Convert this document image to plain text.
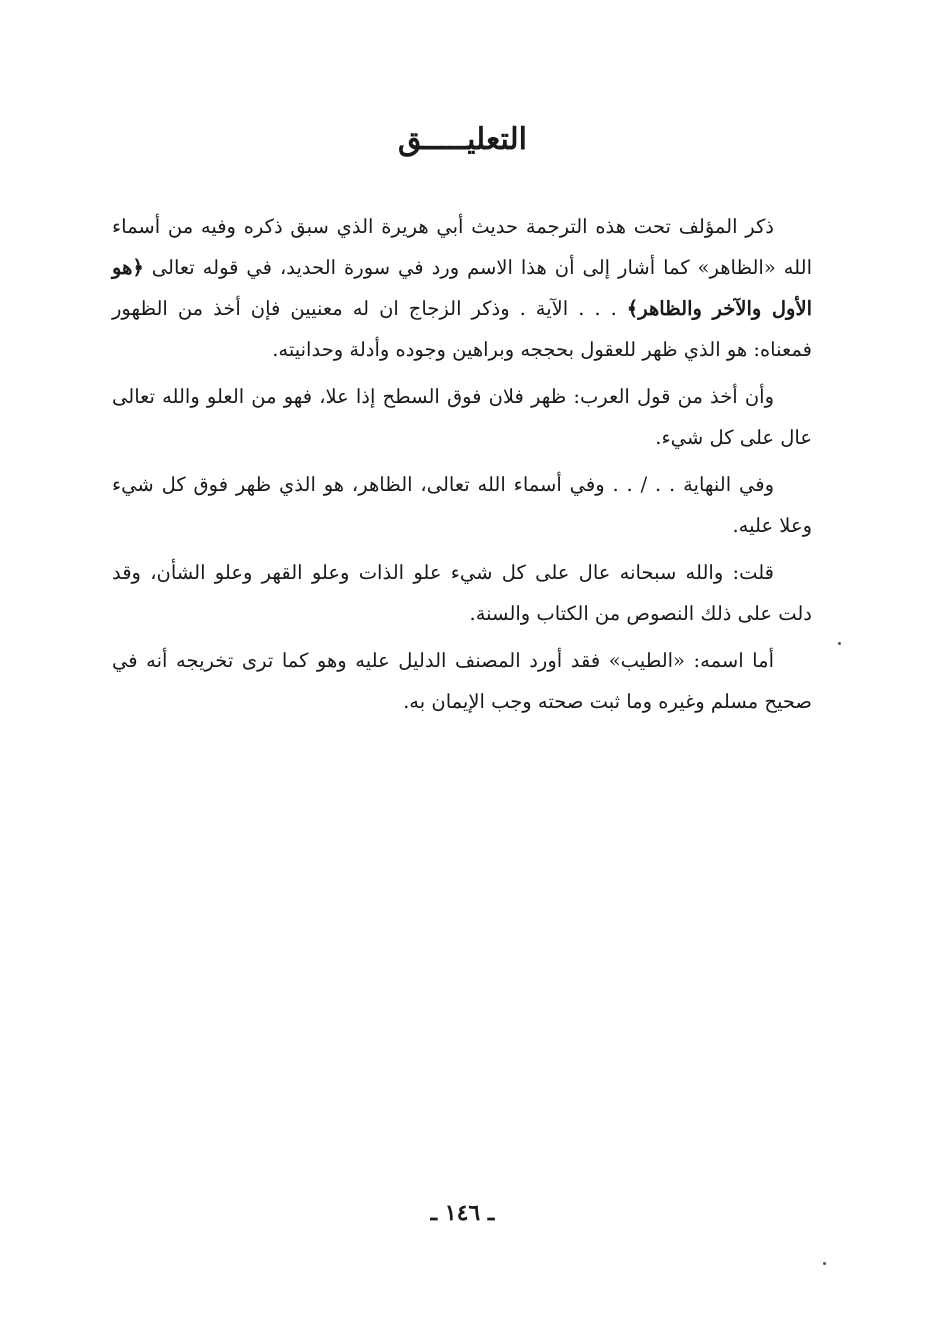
التعليـــــق

ذكر المؤلف تحت هذه الترجمة حديث أبي هريرة الذي سبق ذكره وفيه من أسماء الله «الظاهر» كما أشار إلى أن هذا الاسم ورد في سورة الحديد، في قوله تعالى ﴿هو الأول والآخر والظاهر﴾ . . . الآية . وذكر الزجاج ان له معنيين فإن أخذ من الظهور فمعناه: هو الذي ظهر للعقول بحججه وبراهين وجوده وأدلة وحدانيته.

وأن أخذ من قول العرب: ظهر فلان فوق السطح إذا علا، فهو من العلو والله تعالى عال على كل شيء.

وفي النهاية . . / . . وفي أسماء الله تعالى، الظاهر، هو الذي ظهر فوق كل شيء وعلا عليه.

قلت: والله سبحانه عال على كل شيء علو الذات وعلو القهر وعلو الشأن، وقد دلت على ذلك النصوص من الكتاب والسنة.

أما اسمه: «الطيب» فقد أورد المصنف الدليل عليه وهو كما ترى تخريجه أنه في صحيح مسلم وغيره وما ثبت صحته وجب الإيمان به.

ـ ١٤٦ ـ
